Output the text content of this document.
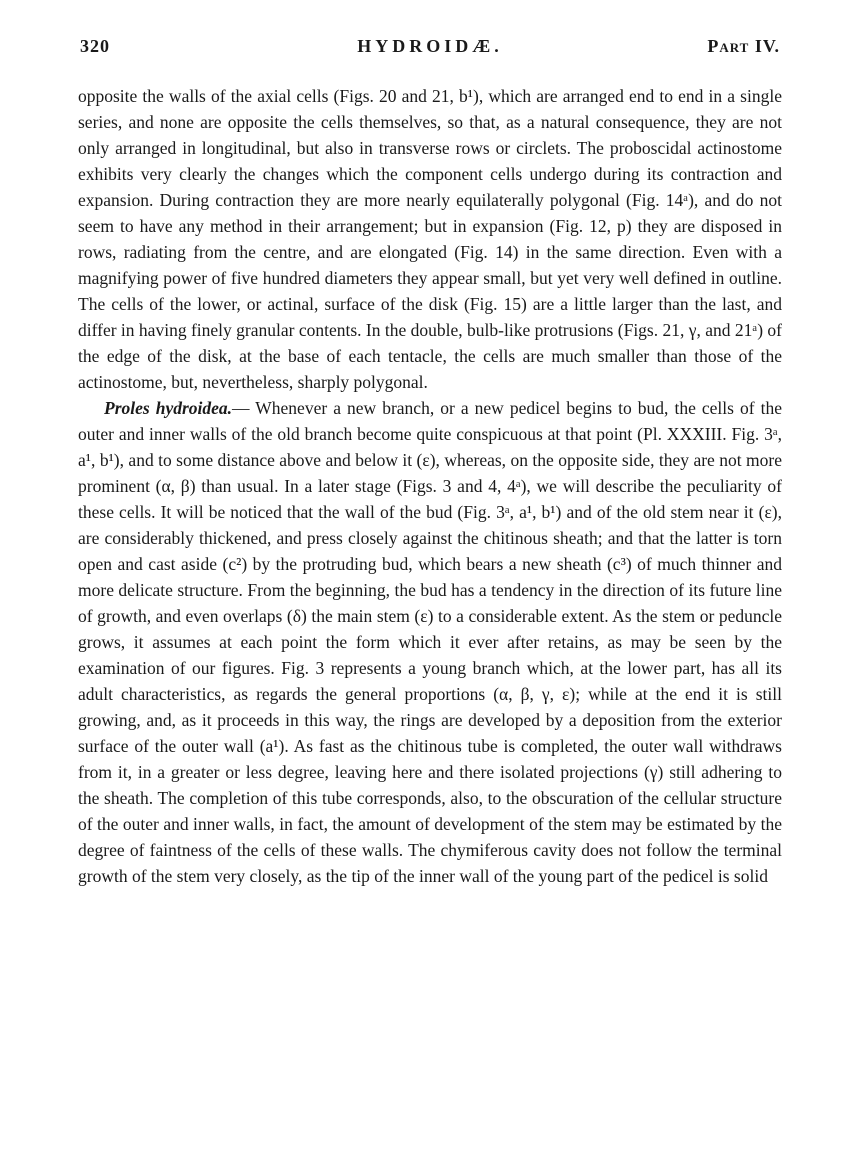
320	HYDROIDÆ.	Part IV.

opposite the walls of the axial cells (Figs. 20 and 21, b¹), which are arranged end to end in a single series, and none are opposite the cells themselves, so that, as a natural consequence, they are not only arranged in longitudinal, but also in transverse rows or circlets. The proboscidal actinostome exhibits very clearly the changes which the component cells undergo during its contraction and expansion. During contraction they are more nearly equilaterally polygonal (Fig. 14ᵃ), and do not seem to have any method in their arrangement; but in expansion (Fig. 12, p) they are disposed in rows, radiating from the centre, and are elongated (Fig. 14) in the same direction. Even with a magnifying power of five hundred diameters they appear small, but yet very well defined in outline. The cells of the lower, or actinal, surface of the disk (Fig. 15) are a little larger than the last, and differ in having finely granular contents. In the double, bulb-like protrusions (Figs. 21, γ, and 21ᵃ) of the edge of the disk, at the base of each tentacle, the cells are much smaller than those of the actinostome, but, nevertheless, sharply polygonal.

Proles hydroidea.— Whenever a new branch, or a new pedicel begins to bud, the cells of the outer and inner walls of the old branch become quite conspicuous at that point (Pl. XXXIII. Fig. 3ᵃ, a¹, b¹), and to some distance above and below it (ε), whereas, on the opposite side, they are not more prominent (α, β) than usual. In a later stage (Figs. 3 and 4, 4ᵃ), we will describe the peculiarity of these cells. It will be noticed that the wall of the bud (Fig. 3ᵃ, a¹, b¹) and of the old stem near it (ε), are considerably thickened, and press closely against the chitinous sheath; and that the latter is torn open and cast aside (c²) by the protruding bud, which bears a new sheath (c³) of much thinner and more delicate structure. From the beginning, the bud has a tendency in the direction of its future line of growth, and even overlaps (δ) the main stem (ε) to a considerable extent. As the stem or peduncle grows, it assumes at each point the form which it ever after retains, as may be seen by the examination of our figures. Fig. 3 represents a young branch which, at the lower part, has all its adult characteristics, as regards the general proportions (α, β, γ, ε); while at the end it is still growing, and, as it proceeds in this way, the rings are developed by a deposition from the exterior surface of the outer wall (a¹). As fast as the chitinous tube is completed, the outer wall withdraws from it, in a greater or less degree, leaving here and there isolated projections (γ) still adhering to the sheath. The completion of this tube corresponds, also, to the obscuration of the cellular structure of the outer and inner walls, in fact, the amount of development of the stem may be estimated by the degree of faintness of the cells of these walls. The chymiferous cavity does not follow the terminal growth of the stem very closely, as the tip of the inner wall of the young part of the pedicel is solid
